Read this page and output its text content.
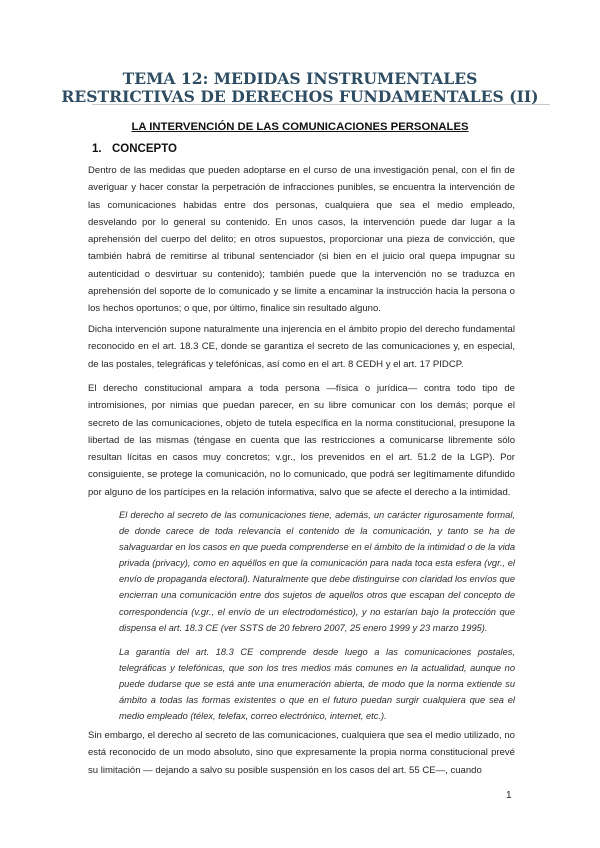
TEMA 12: MEDIDAS INSTRUMENTALES RESTRICTIVAS DE DERECHOS FUNDAMENTALES (II)
LA INTERVENCIÓN DE LAS COMUNICACIONES PERSONALES
1. CONCEPTO

Dentro de las medidas que pueden adoptarse en el curso de una investigación penal, con el fin de averiguar y hacer constar la perpetración de infracciones punibles, se encuentra la intervención de las comunicaciones habidas entre dos personas, cualquiera que sea el medio empleado, desvelando por lo general su contenido. En unos casos, la intervención puede dar lugar a la aprehensión del cuerpo del delito; en otros supuestos, proporcionar una pieza de convicción, que también habrá de remitirse al tribunal sentenciador (si bien en el juicio oral quepa impugnar su autenticidad o desvirtuar su contenido); también puede que la intervención no se traduzca en aprehensión del soporte de lo comunicado y se limite a encaminar la instrucción hacia la persona o los hechos oportunos; o que, por último, finalice sin resultado alguno.

Dicha intervención supone naturalmente una injerencia en el ámbito propio del derecho fundamental reconocido en el art. 18.3 CE, donde se garantiza el secreto de las comunicaciones y, en especial, de las postales, telegráficas y telefónicas, así como en el art. 8 CEDH y el art. 17 PIDCP.

El derecho constitucional ampara a toda persona —física o jurídica— contra todo tipo de intromisiones, por nimias que puedan parecer, en su libre comunicar con los demás; porque el secreto de las comunicaciones, objeto de tutela específica en la norma constitucional, presupone la libertad de las mismas (téngase en cuenta que las restricciones a comunicarse libremente sólo resultan lícitas en casos muy concretos; v.gr., los prevenidos en el art. 51.2 de la LGP). Por consiguiente, se protege la comunicación, no lo comunicado, que podrá ser legítimamente difundido por alguno de los partícipes en la relación informativa, salvo que se afecte el derecho a la intimidad.

El derecho al secreto de las comunicaciones tiene, además, un carácter rigurosamente formal, de donde carece de toda relevancia el contenido de la comunicación, y tanto se ha de salvaguardar en los casos en que pueda comprenderse en el ámbito de la intimidad o de la vida privada (privacy), como en aquéllos en que la comunicación para nada toca esta esfera (vgr., el envío de propaganda electoral). Naturalmente que debe distinguirse con claridad los envíos que encierran una comunicación entre dos sujetos de aquellos otros que escapan del concepto de correspondencia (v.gr., el envío de un electrodoméstico), y no estarían bajo la protección que dispensa el art. 18.3 CE (ver SSTS de 20 febrero 2007, 25 enero 1999 y 23 marzo 1995).

La garantía del art. 18.3 CE comprende desde luego a las comunicaciones postales, telegráficas y telefónicas, que son los tres medios más comunes en la actualidad, aunque no puede dudarse que se está ante una enumeración abierta, de modo que la norma extiende su ámbito a todas las formas existentes o que en el futuro puedan surgir cualquiera que sea el medio empleado (télex, telefax, correo electrónico, internet, etc.).

Sin embargo, el derecho al secreto de las comunicaciones, cualquiera que sea el medio utilizado, no está reconocido de un modo absoluto, sino que expresamente la propia norma constitucional prevé su limitación — dejando a salvo su posible suspensión en los casos del art. 55 CE—, cuando

1
